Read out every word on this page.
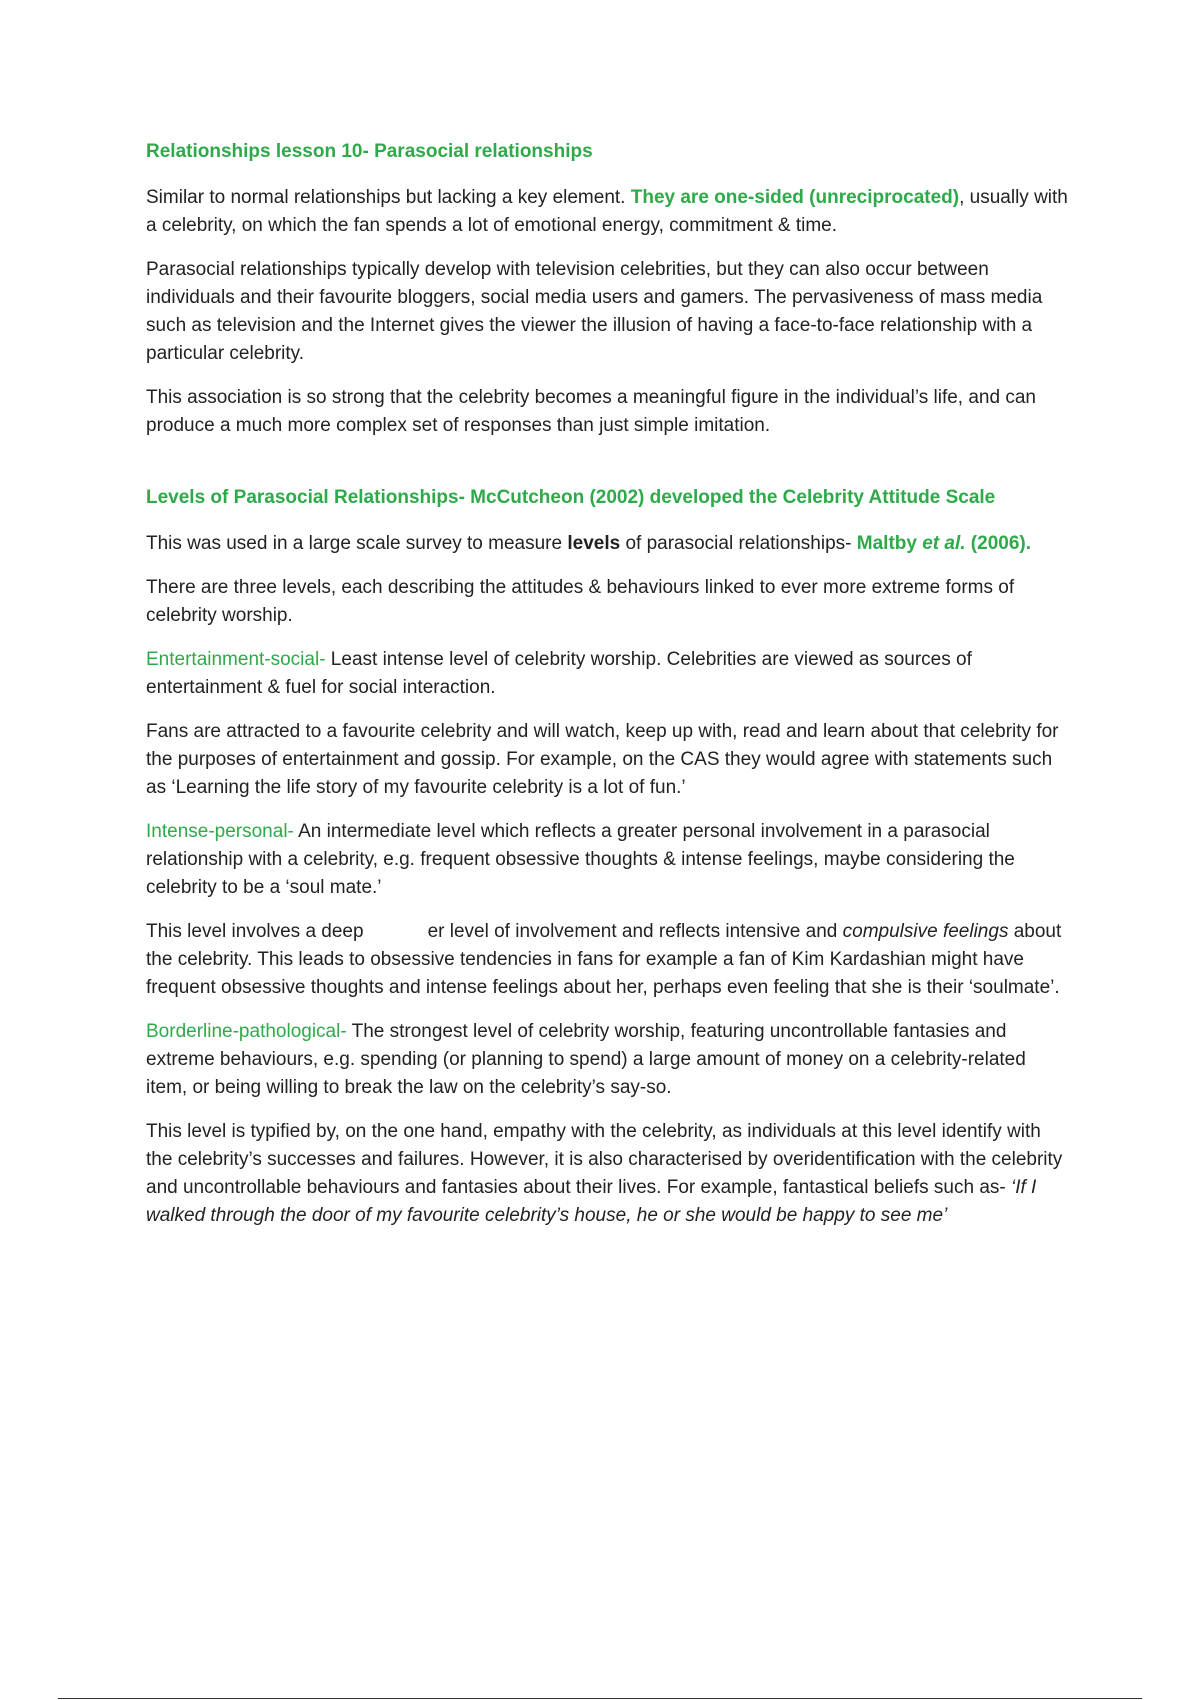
Relationships lesson 10- Parasocial relationships

Similar to normal relationships but lacking a key element. They are one-sided (unreciprocated), usually with a celebrity, on which the fan spends a lot of emotional energy, commitment & time.

Parasocial relationships typically develop with television celebrities, but they can also occur between individuals and their favourite bloggers, social media users and gamers. The pervasiveness of mass media such as television and the Internet gives the viewer the illusion of having a face-to-face relationship with a particular celebrity.

This association is so strong that the celebrity becomes a meaningful figure in the individual’s life, and can produce a much more complex set of responses than just simple imitation.

Levels of Parasocial Relationships- McCutcheon (2002) developed the Celebrity Attitude Scale

This was used in a large scale survey to measure levels of parasocial relationships- Maltby et al. (2006).

There are three levels, each describing the attitudes & behaviours linked to ever more extreme forms of celebrity worship.

Entertainment-social- Least intense level of celebrity worship. Celebrities are viewed as sources of entertainment & fuel for social interaction.

Fans are attracted to a favourite celebrity and will watch, keep up with, read and learn about that celebrity for the purposes of entertainment and gossip. For example, on the CAS they would agree with statements such as ‘Learning the life story of my favourite celebrity is a lot of fun.’

Intense-personal- An intermediate level which reflects a greater personal involvement in a parasocial relationship with a celebrity, e.g. frequent obsessive thoughts & intense feelings, maybe considering the celebrity to be a ‘soul mate.’

This level involves a deep	er level of involvement and reflects intensive and compulsive feelings about the celebrity. This leads to obsessive tendencies in fans for example a fan of Kim Kardashian might have frequent obsessive thoughts and intense feelings about her, perhaps even feeling that she is their ‘soulmate’.

Borderline-pathological- The strongest level of celebrity worship, featuring uncontrollable fantasies and extreme behaviours, e.g. spending (or planning to spend) a large amount of money on a celebrity-related item, or being willing to break the law on the celebrity’s say-so.

This level is typified by, on the one hand, empathy with the celebrity, as individuals at this level identify with the celebrity’s successes and failures. However, it is also characterised by overidentification with the celebrity and uncontrollable behaviours and fantasies about their lives. For example, fantastical beliefs such as- ‘If I walked through the door of my favourite celebrity’s house, he or she would be happy to see me’
